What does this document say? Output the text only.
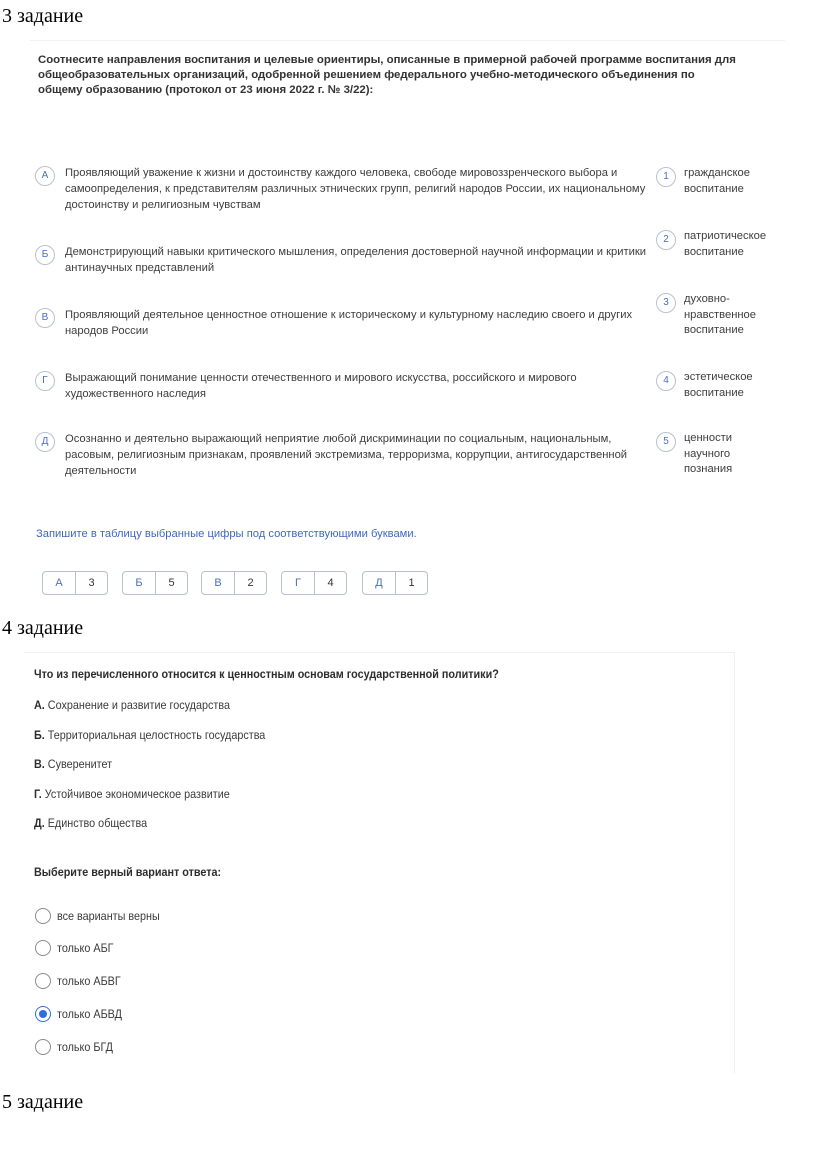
3 задание
Соотнесите направления воспитания и целевые ориентиры, описанные в примерной рабочей программе воспитания для общеобразовательных организаций, одобренной решением федерального учебно-методического объединения по общему образованию (протокол от 23 июня 2022 г. № 3/22):
А	Проявляющий уважение к жизни и достоинству каждого человека, свободе мировоззренческого выбора и самоопределения, к представителям различных этнических групп, религий народов России, их национальному достоинству и религиозным чувствам
Б	Демонстрирующий навыки критического мышления, определения достоверной научной информации и критики антинаучных представлений
В	Проявляющий деятельное ценностное отношение к историческому и культурному наследию своего и других народов России
Г	Выражающий понимание ценности отечественного и мирового искусства, российского и мирового художественного наследия
Д	Осознанно и деятельно выражающий неприятие любой дискриминации по социальным, национальным, расовым, религиозным признакам, проявлений экстремизма, терроризма, коррупции, антигосударственной деятельности
1	гражданское воспитание
2	патриотическое воспитание
3	духовно-нравственное воспитание
4	эстетическое воспитание
5	ценности научного познания
Запишите в таблицу выбранные цифры под соответствующими буквами.
А	3	Б	5	В	2	Г	4	Д	1
4 задание
Что из перечисленного относится к ценностным основам государственной политики?
А. Сохранение и развитие государства
Б. Территориальная целостность государства
В. Суверенитет
Г. Устойчивое экономическое развитие
Д. Единство общества
Выберите верный вариант ответа:
все варианты верны
только АБГ
только АБВГ
только АБВД
только БГД
5 задание
